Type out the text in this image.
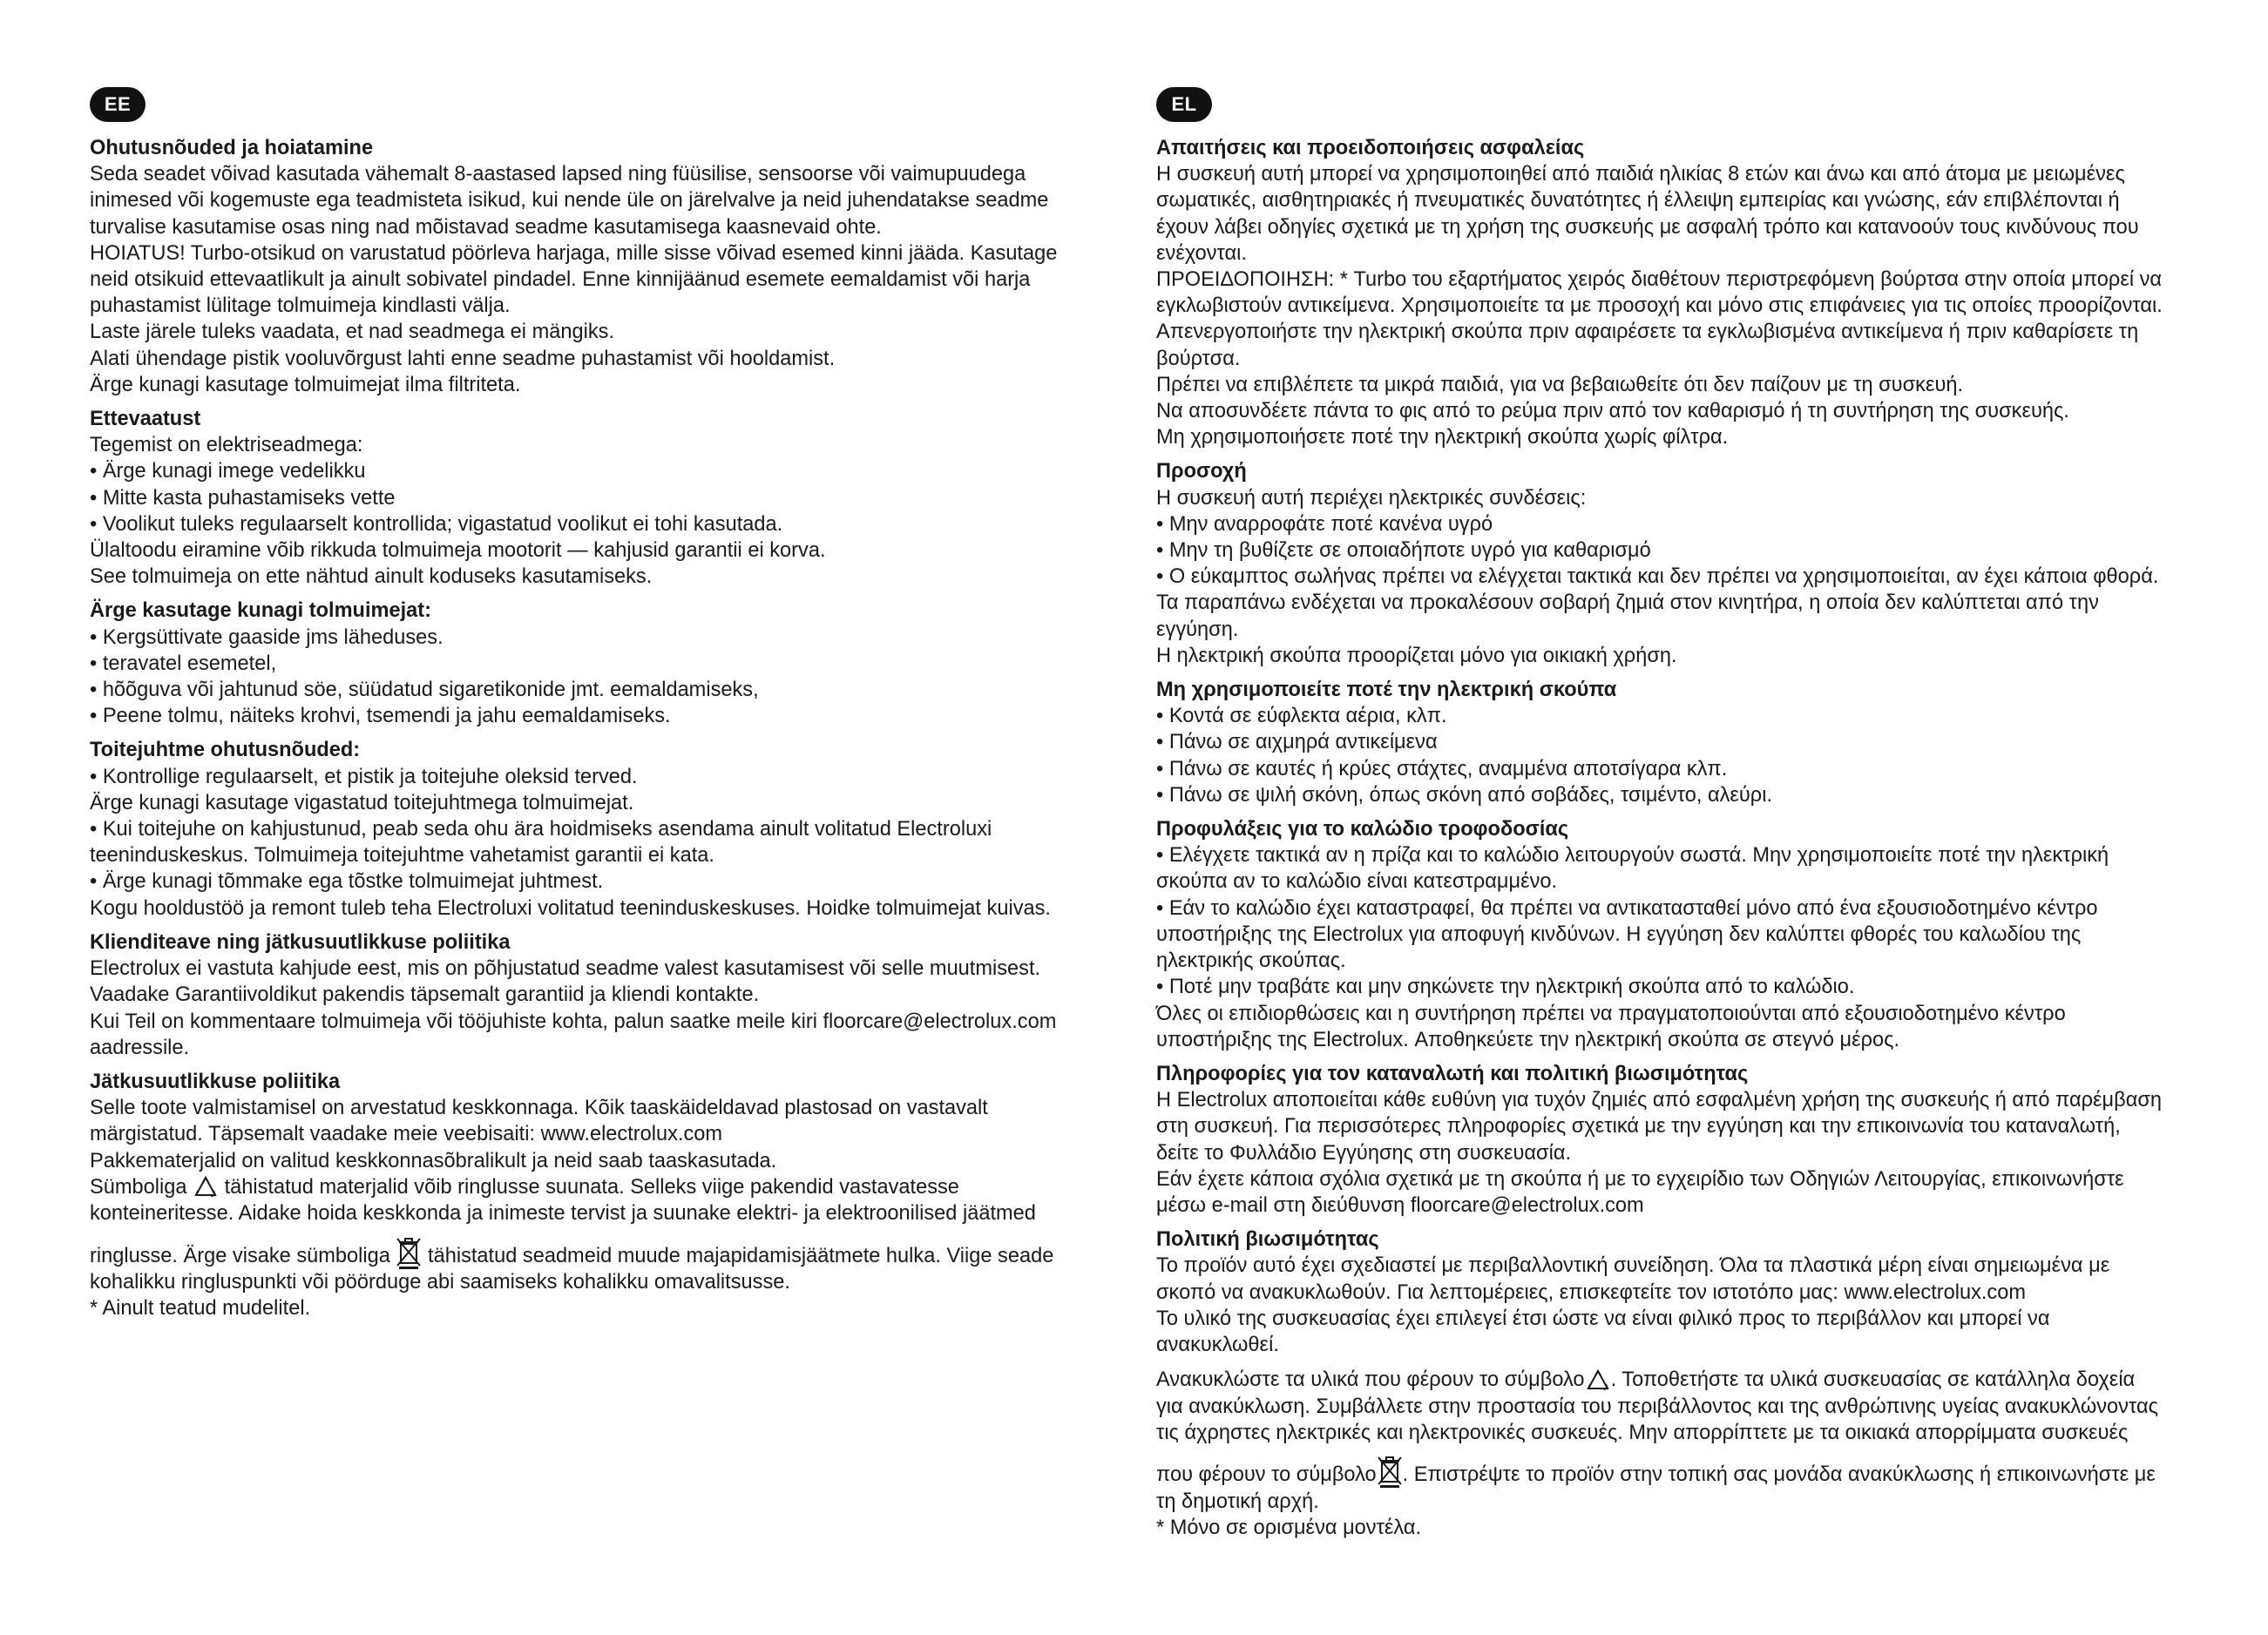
EE
Ohutusnõuded ja hoiatamine
Seda seadet võivad kasutada vähemalt 8-aastased lapsed ning füüsilise, sensoorse või vaimupuudega
inimesed või kogemuste ega teadmisteta isikud, kui nende üle on järelvalve ja neid juhendatakse seadme
turvalise kasutamise osas ning nad mõistavad seadme kasutamisega kaasnevaid ohte.
HOIATUS! Turbo-otsikud on varustatud pöörleva harjaga, mille sisse võivad esemed kinni jääda. Kasutage
neid otsikuid ettevaatlikult ja ainult sobivatel pindadel. Enne kinnijäänud esemete eemaldamist või harja
puhastamist lülitage tolmuimeja kindlasti välja.
Laste järele tuleks vaadata, et nad seadmega ei mängiks.
Alati ühendage pistik vooluvõrgust lahti enne seadme puhastamist või hooldamist.
Ärge kunagi kasutage tolmuimejat ilma filtriteta.
Ettevaatust
Tegemist on elektriseadmega:
• Ärge kunagi imege vedelikku
• Mitte kasta puhastamiseks vette
• Voolikut tuleks regulaarselt kontrollida; vigastatud voolikut ei tohi kasutada.
Ülaltoodu eiramine võib rikkuda tolmuimeja mootorit — kahjusid garantii ei korva.
See tolmuimeja on ette nähtud ainult koduseks kasutamiseks.
Ärge kasutage kunagi tolmuimejat:
• Kergsüttivate gaaside jms läheduses.
• teravatel esemetel,
• hõõguva või jahtunud söe, süüdatud sigaretikonide jmt. eemaldamiseks,
• Peene tolmu, näiteks krohvi, tsemendi ja jahu eemaldamiseks.
Toitejuhtme ohutusnõuded:
• Kontrollige regulaarselt, et pistik ja toitejuhe oleksid terved.
Ärge kunagi kasutage vigastatud toitejuhtmega tolmuimejat.
• Kui toitejuhe on kahjustunud, peab seda ohu ära hoidmiseks asendama ainult volitatud Electroluxi
teeninduskeskus. Tolmuimeja toitejuhtme vahetamist garantii ei kata.
• Ärge kunagi tõmmake ega tõstke tolmuimejat juhtmest.
Kogu hooldustöö ja remont tuleb teha Electroluxi volitatud teeninduskeskuses. Hoidke tolmuimejat kuivas.
Klienditeave ning jätkusuutlikkuse poliitika
Electrolux ei vastuta kahjude eest, mis on põhjustatud seadme valest kasutamisest või selle muutmisest.
Vaadake Garantiivoldikut pakendis täpsemalt garantiid ja kliendi kontakte.
Kui Teil on kommentaare tolmuimeja või tööjuhiste kohta, palun saatke meile kiri floorcare@electrolux.com
aadressile.
Jätkusuutlikkuse poliitika
Selle toote valmistamisel on arvestatud keskkonnaga. Kõik taaskäideldavad plastosad on vastavalt
märgistatud. Täpsemalt vaadake meie veebisaiti: www.electrolux.com
Pakkematerjalid on valitud keskkonnasõbralikult ja neid saab taaskasutada.
Sümboliga tähistatud materjalid võib ringlusse suunata. Selleks viige pakendid vastavatesse
konteineritesse. Aidake hoida keskkonda ja inimeste tervist ja suunake elektri- ja elektroonilised jäätmed
ringlusse. Ärge visake sümboliga tähistatud seadmeid muude majapidamisjäätmete hulka. Viige seade
kohalikku ringluspunkti või pöörduge abi saamiseks kohalikku omavalitsusse.
* Ainult teatud mudelitel.
EL
Απαιτήσεις και προειδοποιήσεις ασφαλείας
Η συσκευή αυτή μπορεί να χρησιμοποιηθεί από παιδιά ηλικίας 8 ετών και άνω και από άτομα με μειωμένες
σωματικές, αισθητηριακές ή πνευματικές δυνατότητες ή έλλειψη εμπειρίας και γνώσης, εάν επιβλέπονται ή
έχουν λάβει οδηγίες σχετικά με τη χρήση της συσκευής με ασφαλή τρόπο και κατανοούν τους κινδύνους που
ενέχονται.
ΠΡΟΕΙΔΟΠΟΙΗΣΗ: * Turbo του εξαρτήματος χειρός διαθέτουν περιστρεφόμενη βούρτσα στην οποία μπορεί να
εγκλωβιστούν αντικείμενα. Χρησιμοποιείτε τα με προσοχή και μόνο στις επιφάνειες για τις οποίες προορίζονται.
Απενεργοποιήστε την ηλεκτρική σκούπα πριν αφαιρέσετε τα εγκλωβισμένα αντικείμενα ή πριν καθαρίσετε τη
βούρτσα.
Πρέπει να επιβλέπετε τα μικρά παιδιά, για να βεβαιωθείτε ότι δεν παίζουν με τη συσκευή.
Να αποσυνδέετε πάντα το φις από το ρεύμα πριν από τον καθαρισμό ή τη συντήρηση της συσκευής.
Μη χρησιμοποιήσετε ποτέ την ηλεκτρική σκούπα χωρίς φίλτρα.
Προσοχή
Η συσκευή αυτή περιέχει ηλεκτρικές συνδέσεις:
• Μην αναρροφάτε ποτέ κανένα υγρό
• Μην τη βυθίζετε σε οποιαδήποτε υγρό για καθαρισμό
• Ο εύκαμπτος σωλήνας πρέπει να ελέγχεται τακτικά και δεν πρέπει να χρησιμοποιείται, αν έχει κάποια φθορά.
Τα παραπάνω ενδέχεται να προκαλέσουν σοβαρή ζημιά στον κινητήρα, η οποία δεν καλύπτεται από την
εγγύηση.
Η ηλεκτρική σκούπα προορίζεται μόνο για οικιακή χρήση.
Μη χρησιμοποιείτε ποτέ την ηλεκτρική σκούπα
• Κοντά σε εύφλεκτα αέρια, κλπ.
• Πάνω σε αιχμηρά αντικείμενα
• Πάνω σε καυτές ή κρύες στάχτες, αναμμένα αποτσίγαρα κλπ.
• Πάνω σε ψιλή σκόνη, όπως σκόνη από σοβάδες, τσιμέντο, αλεύρι.
Προφυλάξεις για το καλώδιο τροφοδοσίας
• Ελέγχετε τακτικά αν η πρίζα και το καλώδιο λειτουργούν σωστά. Μην χρησιμοποιείτε ποτέ την ηλεκτρική
σκούπα αν το καλώδιο είναι κατεστραμμένο.
• Εάν το καλώδιο έχει καταστραφεί, θα πρέπει να αντικατασταθεί μόνο από ένα εξουσιοδοτημένο κέντρο
υποστήριξης της Electrolux για αποφυγή κινδύνων. Η εγγύηση δεν καλύπτει φθορές του καλωδίου της
ηλεκτρικής σκούπας.
• Ποτέ μην τραβάτε και μην σηκώνετε την ηλεκτρική σκούπα από το καλώδιο.
Όλες οι επιδιορθώσεις και η συντήρηση πρέπει να πραγματοποιούνται από εξουσιοδοτημένο κέντρο
υποστήριξης της Electrolux. Αποθηκεύετε την ηλεκτρική σκούπα σε στεγνό μέρος.
Πληροφορίες για τον καταναλωτή και πολιτική βιωσιμότητας
Η Electrolux αποποιείται κάθε ευθύνη για τυχόν ζημιές από εσφαλμένη χρήση της συσκευής ή από παρέμβαση
στη συσκευή. Για περισσότερες πληροφορίες σχετικά με την εγγύηση και την επικοινωνία του καταναλωτή,
δείτε το Φυλλάδιο Εγγύησης στη συσκευασία.
Εάν έχετε κάποια σχόλια σχετικά με τη σκούπα ή με το εγχειρίδιο των Οδηγιών Λειτουργίας, επικοινωνήστε
μέσω e-mail στη διεύθυνση floorcare@electrolux.com
Πολιτική βιωσιμότητας
Το προϊόν αυτό έχει σχεδιαστεί με περιβαλλοντική συνείδηση. Όλα τα πλαστικά μέρη είναι σημειωμένα με
σκοπό να ανακυκλωθούν. Για λεπτομέρειες, επισκεφτείτε τον ιστοτόπο μας: www.electrolux.com
Το υλικό της συσκευασίας έχει επιλεγεί έτσι ώστε να είναι φιλικό προς το περιβάλλον και μπορεί να
ανακυκλωθεί.
Ανακυκλώστε τα υλικά που φέρουν το σύμβολο . Τοποθετήστε τα υλικά συσκευασίας σε κατάλληλα δοχεία
για ανακύκλωση. Συμβάλλετε στην προστασία του περιβάλλοντος και της ανθρώπινης υγείας ανακυκλώνοντας
τις άχρηστες ηλεκτρικές και ηλεκτρονικές συσκευές. Μην απορρίπτετε με τα οικιακά απορρίμματα συσκευές
που φέρουν το σύμβολο . Επιστρέψτε το προϊόν στην τοπική σας μονάδα ανακύκλωσης ή επικοινωνήστε με
τη δημοτική αρχή.
* Μόνο σε ορισμένα μοντέλα.
